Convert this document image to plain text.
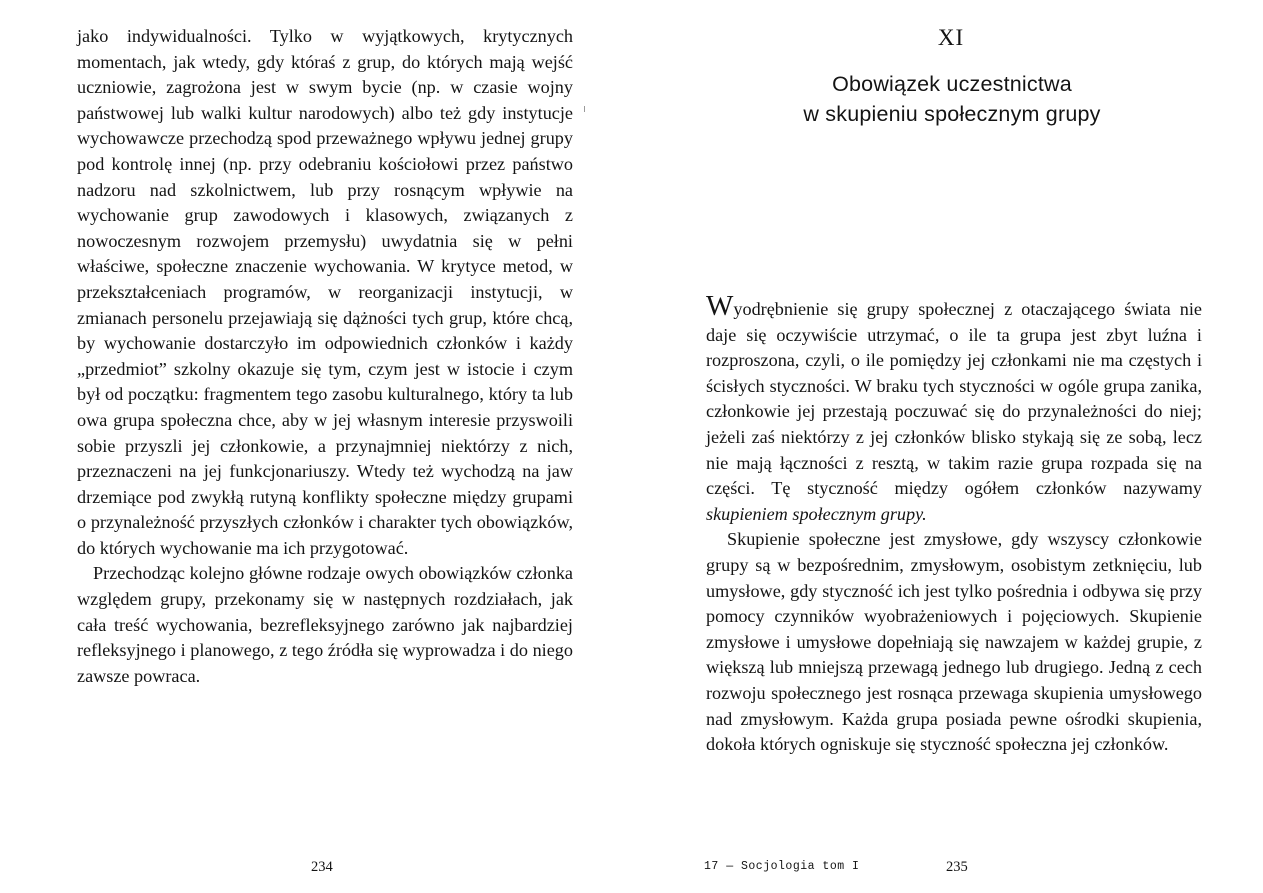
jako indywidualności. Tylko w wyjątkowych, krytycznych momentach, jak wtedy, gdy któraś z grup, do których mają wejść uczniowie, zagrożona jest w swym bycie (np. w czasie wojny państwowej lub walki kultur narodowych) albo też gdy instytucje wychowawcze przechodzą spod przeważnego wpływu jednej grupy pod kontrolę innej (np. przy odebraniu kościołowi przez państwo nadzoru nad szkolnictwem, lub przy rosnącym wpływie na wychowanie grup zawodowych i klasowych, związanych z nowoczesnym rozwojem przemysłu) uwydatnia się w pełni właściwe, społeczne znaczenie wychowania. W krytyce metod, w przekształceniach programów, w reorganizacji instytucji, w zmianach personelu przejawiają się dążności tych grup, które chcą, by wychowanie dostarczyło im odpowiednich członków i każdy „przedmiot” szkolny okazuje się tym, czym jest w istocie i czym był od początku: fragmentem tego zasobu kulturalnego, który ta lub owa grupa społeczna chce, aby w jej własnym interesie przyswoili sobie przyszli jej członkowie, a przynajmniej niektórzy z nich, przeznaczeni na jej funkcjonariuszy. Wtedy też wychodzą na jaw drzemiące pod zwykłą rutyną konflikty społeczne między grupami o przynależność przyszłych członków i charakter tych obowiązków, do których wychowanie ma ich przygotować.

Przechodząc kolejno główne rodzaje owych obowiązków członka względem grupy, przekonamy się w następnych rozdziałach, jak cała treść wychowania, bezrefleksyjnego zarówno jak najbardziej refleksyjnego i planowego, z tego źródła się wyprowadza i do niego zawsze powraca.

234
XI
Obowiązek uczestnictwa
w skupieniu społecznym grupy

Wyodrębnienie się grupy społecznej z otaczającego świata nie daje się oczywiście utrzymać, o ile ta grupa jest zbyt luźna i rozproszona, czyli, o ile pomiędzy jej członkami nie ma częstych i ścisłych styczności. W braku tych styczności w ogóle grupa zanika, członkowie jej przestają poczuwać się do przynależności do niej; jeżeli zaś niektórzy z jej członków blisko stykają się ze sobą, lecz nie mają łączności z resztą, w takim razie grupa rozpada się na części. Tę styczność między ogółem członków nazywamy skupieniem społecznym grupy.

Skupienie społeczne jest zmysłowe, gdy wszyscy członkowie grupy są w bezpośrednim, zmysłowym, osobistym zetknięciu, lub umysłowe, gdy styczność ich jest tylko pośrednia i odbywa się przy pomocy czynników wyobrażeniowych i pojęciowych. Skupienie zmysłowe i umysłowe dopełniają się nawzajem w każdej grupie, z większą lub mniejszą przewagą jednego lub drugiego. Jedną z cech rozwoju społecznego jest rosnąca przewaga skupienia umysłowego nad zmysłowym. Każda grupa posiada pewne ośrodki skupienia, dokoła których ogniskuje się styczność społeczna jej członków.

17 — Socjologia tom I	235
